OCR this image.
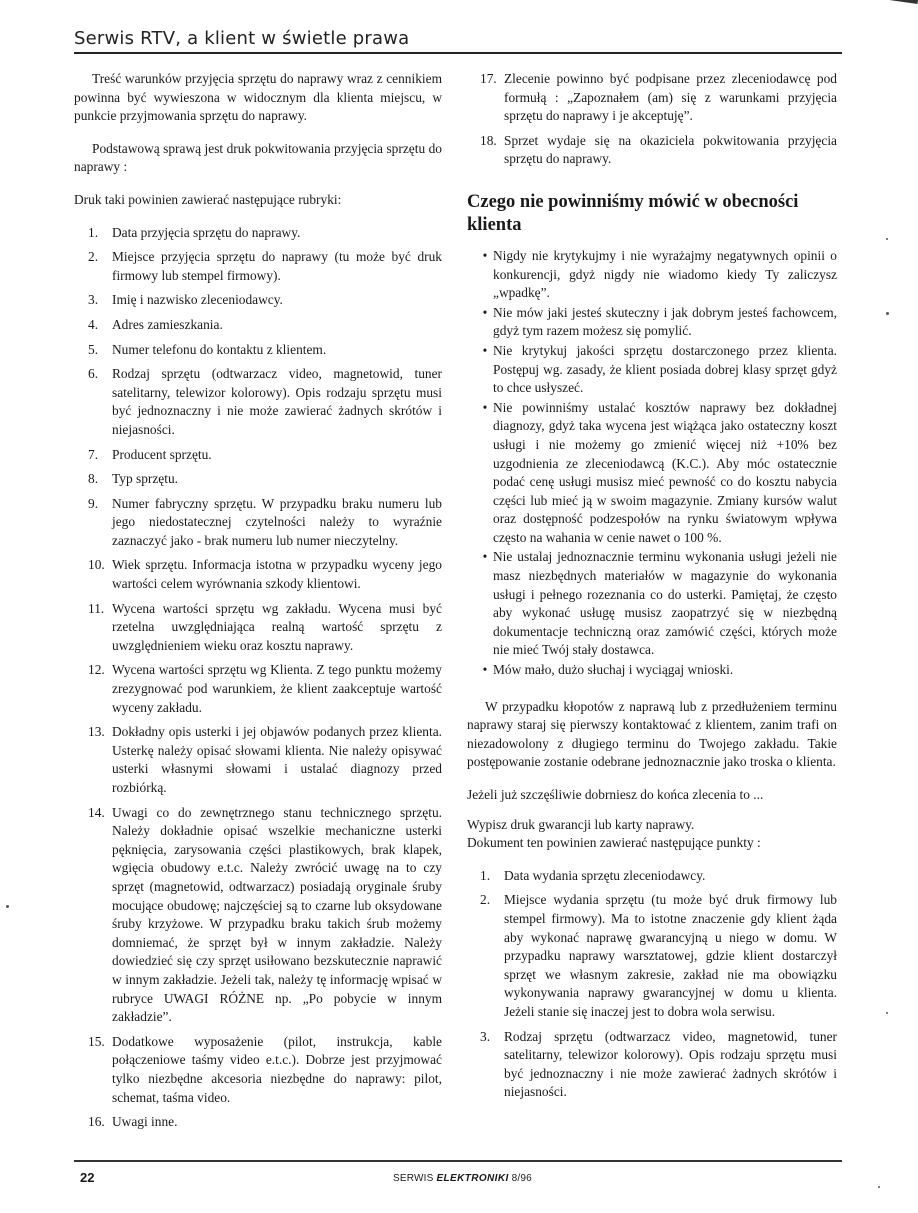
Serwis RTV, a klient w świetle prawa

Treść warunków przyjęcia sprzętu do naprawy wraz z cennikiem powinna być wywieszona w widocznym dla klienta miejscu, w punkcie przyjmowania sprzętu do naprawy.

Podstawową sprawą jest druk pokwitowania przyjęcia sprzętu do naprawy :

Druk taki powinien zawierać następujące rubryki:

1.	Data przyjęcia sprzętu do naprawy.
2.	Miejsce przyjęcia sprzętu do naprawy (tu może być druk firmowy lub stempel firmowy).
3.	Imię i nazwisko zleceniodawcy.
4.	Adres zamieszkania.
5.	Numer telefonu do kontaktu z klientem.
6.	Rodzaj sprzętu (odtwarzacz video, magnetowid, tuner satelitarny, telewizor kolorowy). Opis rodzaju sprzętu musi być jednoznaczny i nie może zawierać żadnych skrótów i niejasności.
7.	Producent sprzętu.
8.	Typ sprzętu.
9.	Numer fabryczny sprzętu. W przypadku braku numeru lub jego niedostatecznej czytelności należy to wyraźnie zaznaczyć jako - brak numeru lub numer nieczytelny.
10. Wiek sprzętu. Informacja istotna w przypadku wyceny jego wartości celem wyrównania szkody klientowi.
11. Wycena wartości sprzętu wg zakładu. Wycena musi być rzetelna uwzględniająca realną wartość sprzętu z uwzględnieniem wieku oraz kosztu naprawy.
12. Wycena wartości sprzętu wg Klienta. Z tego punktu możemy zrezygnować pod warunkiem, że klient zaakceptuje wartość wyceny zakładu.
13. Dokładny opis usterki i jej objawów podanych przez klienta. Usterkę należy opisać słowami klienta. Nie należy opisywać usterki własnymi słowami i ustalać diagnozy przed rozbiórką.
14. Uwagi co do zewnętrznego stanu technicznego sprzętu. Należy dokładnie opisać wszelkie mechaniczne usterki pęknięcia, zarysowania części plastikowych, brak klapek, wgięcia obudowy e.t.c. Należy zwrócić uwagę na to czy sprzęt (magnetowid, odtwarzacz) posiadają oryginale śruby mocujące obudowę; najczęściej są to czarne lub oksydowane śruby krzyżowe. W przypadku braku takich śrub możemy domniemać, że sprzęt był w innym zakładzie. Należy dowiedzieć się czy sprzęt usiłowano bezskutecznie naprawić w innym zakładzie. Jeżeli tak, należy tę informację wpisać w rubryce UWAGI RÓŻNE np. „Po pobycie w innym zakładzie”.
15. Dodatkowe wyposażenie (pilot, instrukcja, kable połączeniowe taśmy video e.t.c.). Dobrze jest przyjmować tylko niezbędne akcesoria niezbędne do naprawy: pilot, schemat, taśma video.
16. Uwagi inne.
17. Zlecenie powinno być podpisane przez zleceniodawcę pod formułą : „Zapoznałem (am) się z warunkami przyjęcia sprzętu do naprawy i je akceptuję”.
18. Sprzet wydaje się na okaziciela pokwitowania przyjęcia sprzętu do naprawy.
Czego nie powinniśmy mówić w obecności klienta
• Nigdy nie krytykujmy i nie wyrażajmy negatywnych opinii o konkurencji, gdyż nigdy nie wiadomo kiedy Ty zaliczysz „wpadkę”.
• Nie mów jaki jesteś skuteczny i jak dobrym jesteś fachowcem, gdyż tym razem możesz się pomylić.
• Nie krytykuj jakości sprzętu dostarczonego przez klienta. Postępuj wg. zasady, że klient posiada dobrej klasy sprzęt gdyż to chce usłyszeć.
• Nie powinniśmy ustalać kosztów naprawy bez dokładnej diagnozy, gdyż taka wycena jest wiążąca jako ostateczny koszt usługi i nie możemy go zmienić więcej niż +10% bez uzgodnienia ze zleceniodawcą (K.C.). Aby móc ostatecznie podać cenę usługi musisz mieć pewność co do kosztu nabycia części lub mieć ją w swoim magazynie. Zmiany kursów walut oraz dostępność podzespołów na rynku światowym wpływa często na wahania w cenie nawet o 100 %.
• Nie ustalaj jednoznacznie terminu wykonania usługi jeżeli nie masz niezbędnych materiałów w magazynie do wykonania usługi i pełnego rozeznania co do usterki. Pamiętaj, że często aby wykonać usługę musisz zaopatrzyć się w niezbędną dokumentacje techniczną oraz zamówić części, których może nie mieć Twój stały dostawca.
• Mów mało, dużo słuchaj i wyciągaj wnioski.

W przypadku kłopotów z naprawą lub z przedłużeniem terminu naprawy staraj się pierwszy kontaktować z klientem, zanim trafi on niezadowolony z długiego terminu do Twojego zakładu. Takie postępowanie zostanie odebrane jednoznacznie jako troska o klienta.

Jeżeli już szczęśliwie dobrniesz do końca zlecenia to ...

Wypisz druk gwarancji lub karty naprawy.

Dokument ten powinien zawierać następujące punkty :

1.	Data wydania sprzętu zleceniodawcy.
2.	Miejsce wydania sprzętu (tu może być druk firmowy lub stempel firmowy). Ma to istotne znaczenie gdy klient żąda aby wykonać naprawę gwarancyjną u niego w domu. W przypadku naprawy warsztatowej, gdzie klient dostarczył sprzęt we własnym zakresie, zakład nie ma obowiązku wykonywania naprawy gwarancyjnej w domu u klienta. Jeżeli stanie się inaczej jest to dobra wola serwisu.
3.	Rodzaj sprzętu (odtwarzacz video, magnetowid, tuner satelitarny, telewizor kolorowy). Opis rodzaju sprzętu musi być jednoznaczny i nie może zawierać żadnych skrótów i niejasności.
22	SERWIS ELEKTRONIKI 8/96
